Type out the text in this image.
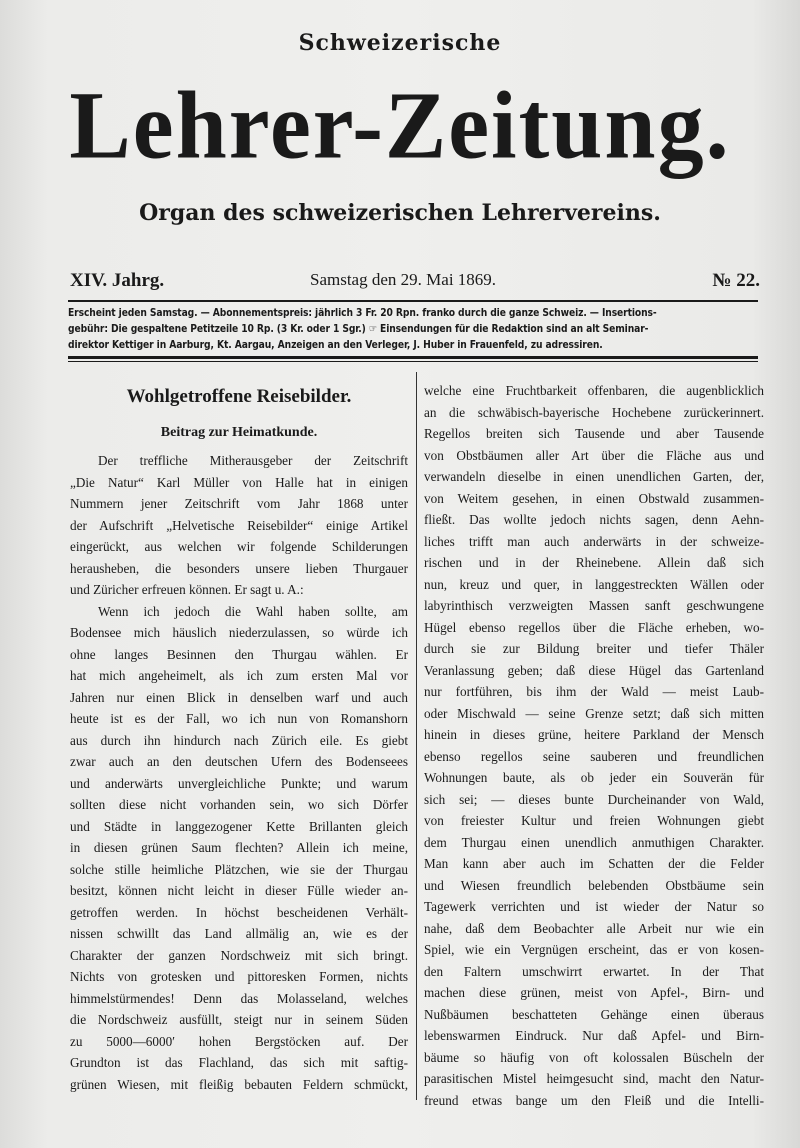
Schweizerische
Lehrer-Zeitung.
Organ des schweizerischen Lehrervereins.
XIV. Jahrg.	Samstag den 29. Mai 1869.	№ 22.

Erscheint jeden Samstag. — Abonnementspreis: jährlich 3 Fr. 20 Rpn. franko durch die ganze Schweiz. — Insertions-

gebühr: Die gespaltene Petitzeile 10 Rp. (3 Kr. oder 1 Sgr.) ☞ Einsendungen für die Redaktion sind an alt Seminar-

direktor Kettiger in Aarburg, Kt. Aargau, Anzeigen an den Verleger, J. Huber in Frauenfeld, zu adressiren.

Wohlgetroffene Reisebilder.
Beitrag zur Heimatkunde.
Der treffliche Mitherausgeber der Zeitschrift
„Die Natur“ Karl Müller von Halle hat in einigen
Nummern jener Zeitschrift vom Jahr 1868 unter
der Aufschrift „Helvetische Reisebilder“ einige Artikel
eingerückt, aus welchen wir folgende Schilderungen
herausheben, die besonders unsere lieben Thurgauer
und Züricher erfreuen können. Er sagt u. A.:
Wenn ich jedoch die Wahl haben sollte, am
Bodensee mich häuslich niederzulassen, so würde ich
ohne langes Besinnen den Thurgau wählen. Er
hat mich angeheimelt, als ich zum ersten Mal vor
Jahren nur einen Blick in denselben warf und auch
heute ist es der Fall, wo ich nun von Romanshorn
aus durch ihn hindurch nach Zürich eile. Es giebt
zwar auch an den deutschen Ufern des Bodenseees
und anderwärts unvergleichliche Punkte; und warum
sollten diese nicht vorhanden sein, wo sich Dörfer
und Städte in langgezogener Kette Brillanten gleich
in diesen grünen Saum flechten? Allein ich meine,
solche stille heimliche Plätzchen, wie sie der Thurgau
besitzt, können nicht leicht in dieser Fülle wieder an-
getroffen werden. In höchst bescheidenen Verhält-
nissen schwillt das Land allmälig an, wie es der
Charakter der ganzen Nordschweiz mit sich bringt.
Nichts von grotesken und pittoresken Formen, nichts
himmelstürmendes! Denn das Molasseland, welches
die Nordschweiz ausfüllt, steigt nur in seinem Süden
zu 5000—6000′ hohen Bergstöcken auf. Der
Grundton ist das Flachland, das sich mit saftig-
grünen Wiesen, mit fleißig bebauten Feldern schmückt,
welche eine Fruchtbarkeit offenbaren, die augenblicklich
an die schwäbisch-bayerische Hochebene zurückerinnert.
Regellos breiten sich Tausende und aber Tausende
von Obstbäumen aller Art über die Fläche aus und
verwandeln dieselbe in einen unendlichen Garten, der,
von Weitem gesehen, in einen Obstwald zusammen-
fließt. Das wollte jedoch nichts sagen, denn Aehn-
liches trifft man auch anderwärts in der schweize-
rischen und in der Rheinebene. Allein daß sich
nun, kreuz und quer, in langgestreckten Wällen oder
labyrinthisch verzweigten Massen sanft geschwungene
Hügel ebenso regellos über die Fläche erheben, wo-
durch sie zur Bildung breiter und tiefer Thäler
Veranlassung geben; daß diese Hügel das Gartenland
nur fortführen, bis ihm der Wald — meist Laub-
oder Mischwald — seine Grenze setzt; daß sich mitten
hinein in dieses grüne, heitere Parkland der Mensch
ebenso regellos seine sauberen und freundlichen
Wohnungen baute, als ob jeder ein Souverän für
sich sei; — dieses bunte Durcheinander von Wald,
von freiester Kultur und freien Wohnungen giebt
dem Thurgau einen unendlich anmuthigen Charakter.
Man kann aber auch im Schatten der die Felder
und Wiesen freundlich belebenden Obstbäume sein
Tagewerk verrichten und ist wieder der Natur so
nahe, daß dem Beobachter alle Arbeit nur wie ein
Spiel, wie ein Vergnügen erscheint, das er von kosen-
den Faltern umschwirrt erwartet. In der That
machen diese grünen, meist von Apfel-, Birn- und
Nußbäumen beschatteten Gehänge einen überaus
lebenswarmen Eindruck. Nur daß Apfel- und Birn-
bäume so häufig von oft kolossalen Büscheln der
parasitischen Mistel heimgesucht sind, macht den Natur-
freund etwas bange um den Fleiß und die Intelli-
